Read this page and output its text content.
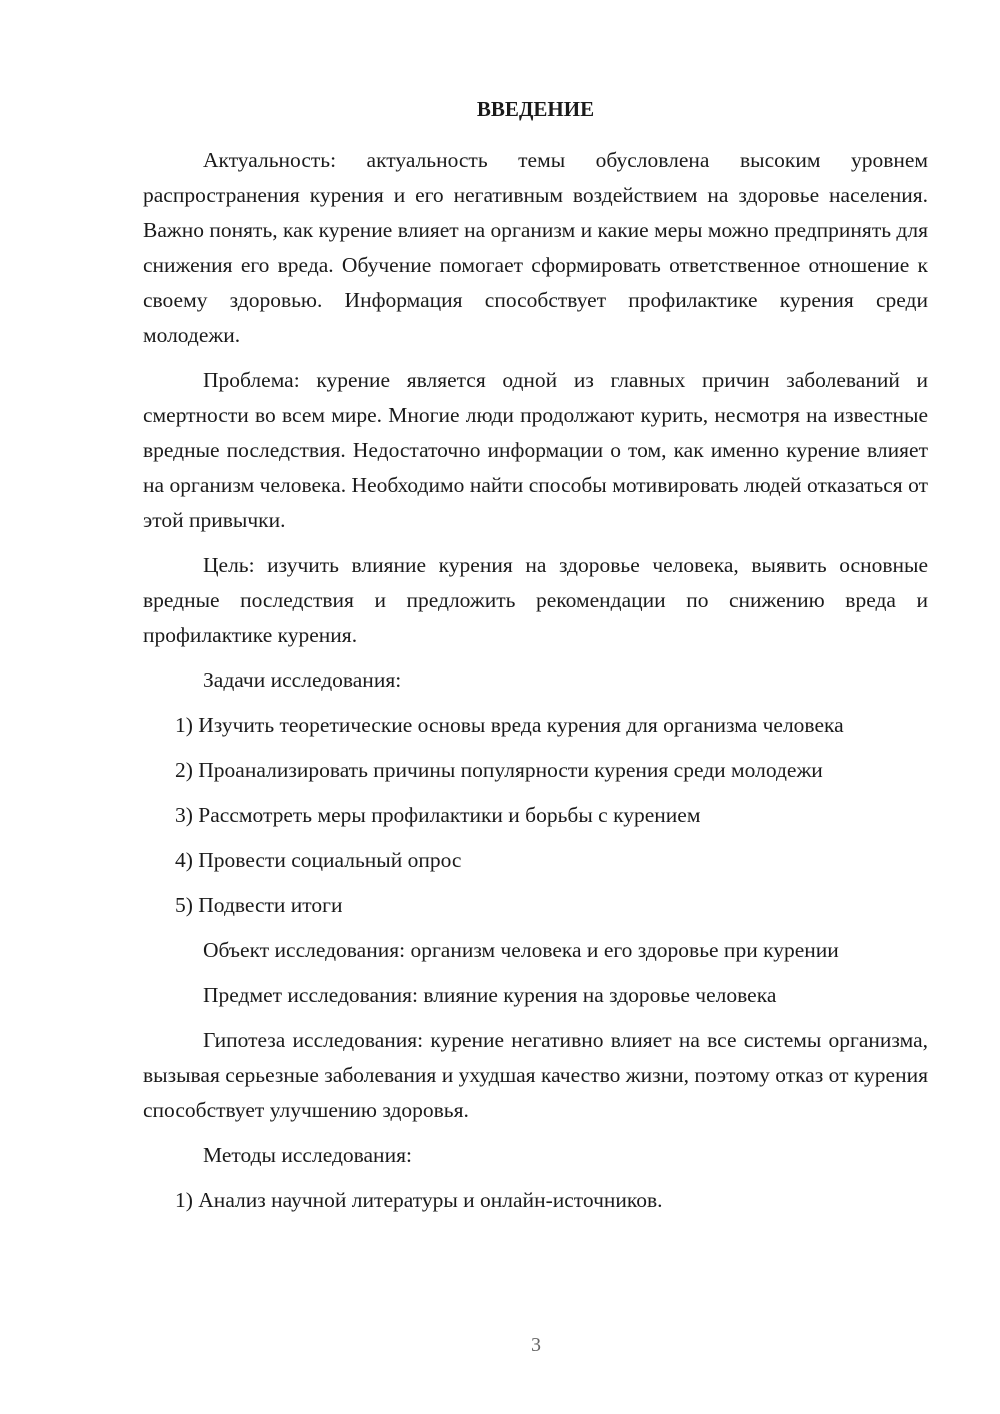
ВВЕДЕНИЕ

Актуальность: актуальность темы обусловлена высоким уровнем распространения курения и его негативным воздействием на здоровье населения. Важно понять, как курение влияет на организм и какие меры можно предпринять для снижения его вреда. Обучение помогает сформировать ответственное отношение к своему здоровью. Информация способствует профилактике курения среди молодежи.

Проблема: курение является одной из главных причин заболеваний и смертности во всем мире. Многие люди продолжают курить, несмотря на известные вредные последствия. Недостаточно информации о том, как именно курение влияет на организм человека. Необходимо найти способы мотивировать людей отказаться от этой привычки.

Цель: изучить влияние курения на здоровье человека, выявить основные вредные последствия и предложить рекомендации по снижению вреда и профилактике курения.

Задачи исследования:

1) Изучить теоретические основы вреда курения для организма человека

2) Проанализировать причины популярности курения среди молодежи

3) Рассмотреть меры профилактики и борьбы с курением

4) Провести социальный опрос

5) Подвести итоги

Объект исследования: организм человека и его здоровье при курении

Предмет исследования: влияние курения на здоровье человека

Гипотеза исследования: курение негативно влияет на все системы организма, вызывая серьезные заболевания и ухудшая качество жизни, поэтому отказ от курения способствует улучшению здоровья.

Методы исследования:

1) Анализ научной литературы и онлайн-источников.

3
